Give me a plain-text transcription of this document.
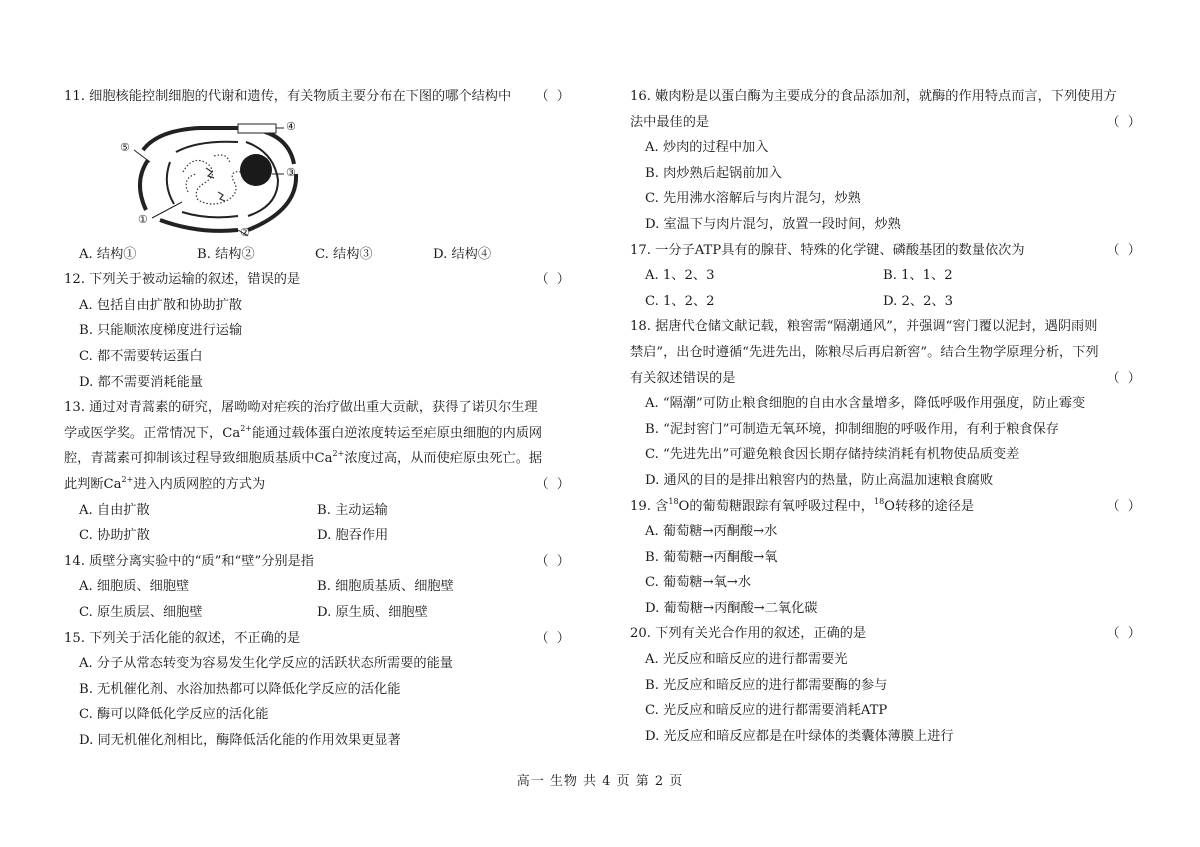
11. 细胞核能控制细胞的代谢和遗传，有关物质主要分布在下图的哪个结构中 （ ）
④
③
⑤
①
②
A. 结构①	B. 结构②	C. 结构③	D. 结构④
12. 下列关于被动运输的叙述，错误的是	（ ）
A. 包括自由扩散和协助扩散
B. 只能顺浓度梯度进行运输
C. 都不需要转运蛋白
D. 都不需要消耗能量
13. 通过对青蒿素的研究，屠呦呦对疟疾的治疗做出重大贡献，获得了诺贝尔生理
学或医学奖。正常情况下，$Ca^{2+}$能通过载体蛋白逆浓度转运至疟原虫细胞的内质网
腔，青蒿素可抑制该过程导致细胞质基质中$Ca^{2+}$浓度过高，从而使疟原虫死亡。据
此判断$Ca^{2+}$进入内质网腔的方式为	（ ）
A. 自由扩散	B. 主动运输
C. 协助扩散	D. 胞吞作用
14. 质壁分离实验中的“质”和“壁”分别是指	（ ）
A. 细胞质、细胞壁	B. 细胞质基质、细胞壁
C. 原生质层、细胞壁	D. 原生质、细胞壁
15. 下列关于活化能的叙述，不正确的是	（ ）
A. 分子从常态转变为容易发生化学反应的活跃状态所需要的能量
B. 无机催化剂、水浴加热都可以降低化学反应的活化能
C. 酶可以降低化学反应的活化能
D. 同无机催化剂相比，酶降低活化能的作用效果更显著
16. 嫩肉粉是以蛋白酶为主要成分的食品添加剂，就酶的作用特点而言，下列使用方
法中最佳的是	（ ）
A. 炒肉的过程中加入
B. 肉炒熟后起锅前加入
C. 先用沸水溶解后与肉片混匀，炒熟
D. 室温下与肉片混匀，放置一段时间，炒熟
17. 一分子ATP具有的腺苷、特殊的化学键、磷酸基团的数量依次为	（ ）
A. 1、2、3	B. 1、1、2
C. 1、2、2	D. 2、2、3
18. 据唐代仓储文献记载，粮窖需“隔潮通风”，并强调“窖门覆以泥封，遇阴雨则
禁启”，出仓时遵循“先进先出，陈粮尽后再启新窖”。结合生物学原理分析，下列
有关叙述错误的是	（ ）
A. “隔潮”可防止粮食细胞的自由水含量增多，降低呼吸作用强度，防止霉变
B. “泥封窖门”可制造无氧环境，抑制细胞的呼吸作用，有利于粮食保存
C. “先进先出”可避免粮食因长期存储持续消耗有机物使品质变差
D. 通风的目的是排出粮窖内的热量，防止高温加速粮食腐败
19. 含$^{18}$O的葡萄糖跟踪有氧呼吸过程中，$^{18}$O转移的途径是	（ ）
A. 葡萄糖→丙酮酸→水
B. 葡萄糖→丙酮酸→氧
C. 葡萄糖→氧→水
D. 葡萄糖→丙酮酸→二氧化碳
20. 下列有关光合作用的叙述，正确的是	（ ）
A. 光反应和暗反应的进行都需要光
B. 光反应和暗反应的进行都需要酶的参与
C. 光反应和暗反应的进行都需要消耗ATP
D. 光反应和暗反应都是在叶绿体的类囊体薄膜上进行
高一 生物 共 4 页 第 2 页
